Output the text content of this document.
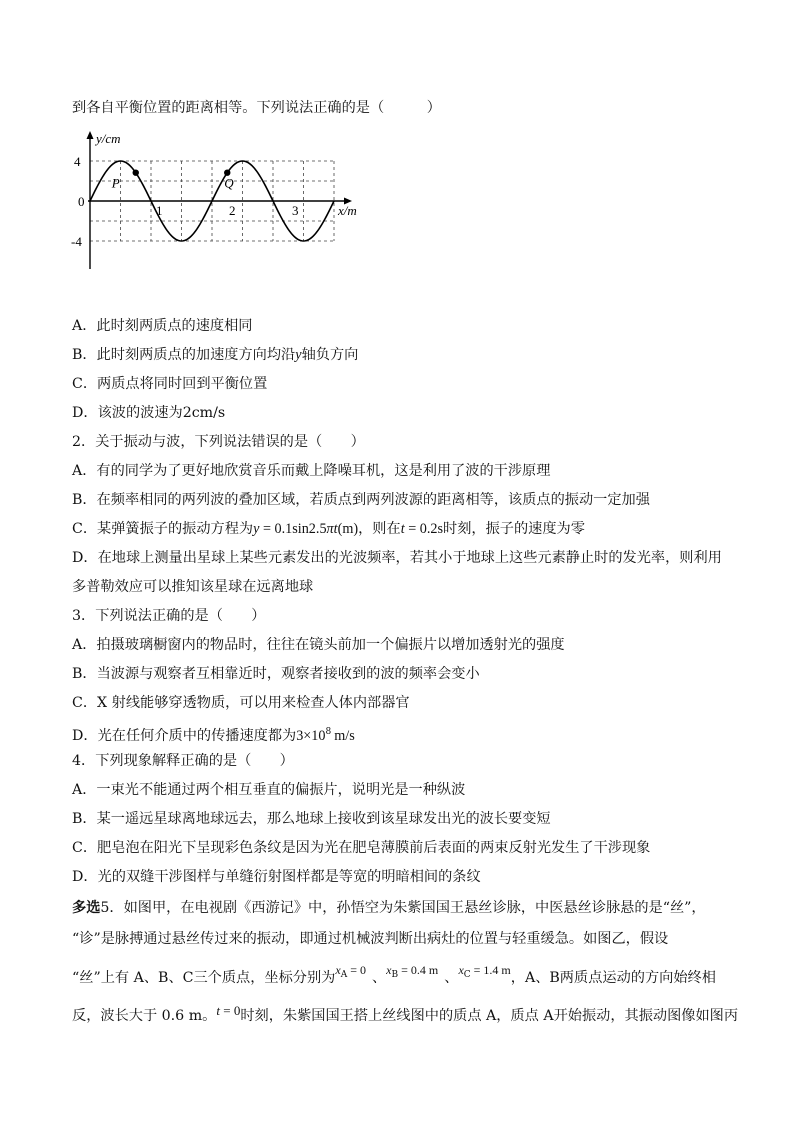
到各自平衡位置的距离相等。下列说法正确的是（　　　）
y/cm
x/m
4
0
-4
1	2	3
P	Q
A．此时刻两质点的速度相同
B．此时刻两质点的加速度方向均沿y轴负方向
C．两质点将同时回到平衡位置
D．该波的波速为2cm/s
2．关于振动与波，下列说法错误的是（　　）
A．有的同学为了更好地欣赏音乐而戴上降噪耳机，这是利用了波的干涉原理
B．在频率相同的两列波的叠加区域，若质点到两列波源的距离相等，该质点的振动一定加强
C．某弹簧振子的振动方程为y = 0.1sin2.5πt(m)，则在t = 0.2s时刻，振子的速度为零
D．在地球上测量出星球上某些元素发出的光波频率，若其小于地球上这些元素静止时的发光率，则利用
多普勒效应可以推知该星球在远离地球
3．下列说法正确的是（　　）
A．拍摄玻璃橱窗内的物品时，往往在镜头前加一个偏振片以增加透射光的强度
B．当波源与观察者互相靠近时，观察者接收到的波的频率会变小
C．X 射线能够穿透物质，可以用来检查人体内部器官
D．光在任何介质中的传播速度都为$3\times 10^8$ m/s
4．下列现象解释正确的是（　　）
A．一束光不能通过两个相互垂直的偏振片，说明光是一种纵波
B．某一遥远星球离地球远去，那么地球上接收到该星球发出光的波长要变短
C．肥皂泡在阳光下呈现彩色条纹是因为光在肥皂薄膜前后表面的两束反射光发生了干涉现象
D．光的双缝干涉图样与单缝衍射图样都是等宽的明暗相间的条纹
多选5．如图甲，在电视剧《西游记》中，孙悟空为朱紫国国王悬丝诊脉，中医悬丝诊脉悬的是“丝”，
“诊”是脉搏通过悬丝传过来的振动，即通过机械波判断出病灶的位置与轻重缓急。如图乙，假设
“丝”上有 A、B、C三个质点，坐标分别为$^{x_A = 0}$ 、$^{x_B = 0.4 m}$ 、$^{x_C = 1.4 m}$，A、B两质点运动的方向始终相
反，波长大于 0.6 m。t = 0时刻，朱紫国国王搭上丝线图中的质点 A，质点 A开始振动，其振动图像如图丙
